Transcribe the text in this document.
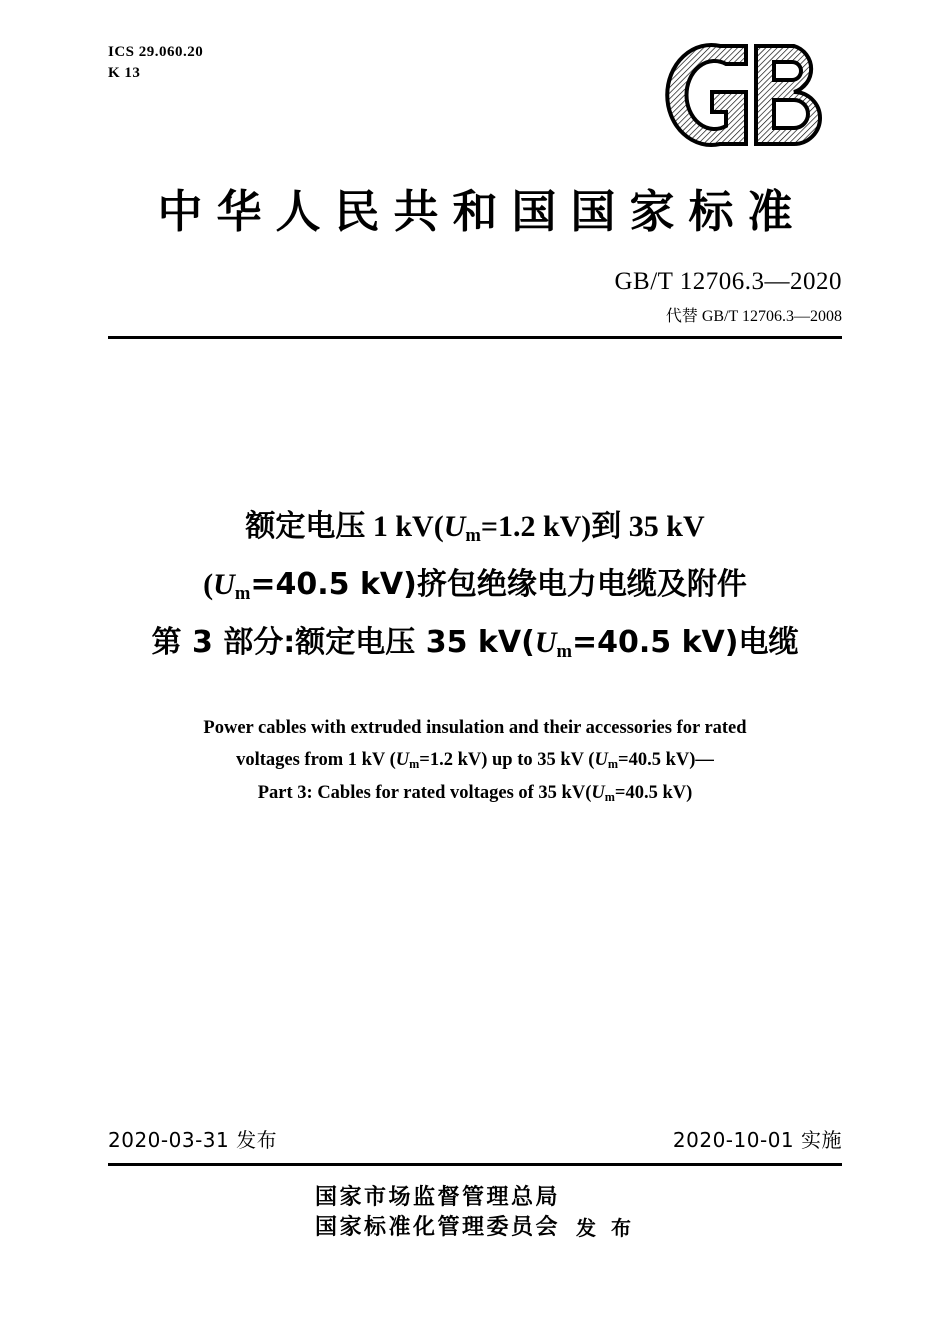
ICS 29.060.20
K 13
中华人民共和国国家标准
GB/T 12706.3—2020
代替 GB/T 12706.3—2008
额定电压 1 $kV(U_m=1.2$ kV)到 35 kV
($U_m=40.5$ kV)挤包绝缘电力电缆及附件
第 3 部分:额定电压 35 $kV(U_m=40.5$ kV)电缆
Power cables with extruded insulation and their accessories for rated
voltages from 1 kV ($U_m=1.2$ kV) up to 35 kV ($U_m=40.5$ kV)—
Part 3: Cables for rated voltages of 35 $kV(U_m=40.5$ kV)
2020-03-31 发布	2020-10-01 实施
国家市场监督管理总局
国家标准化管理委员会 发 布
